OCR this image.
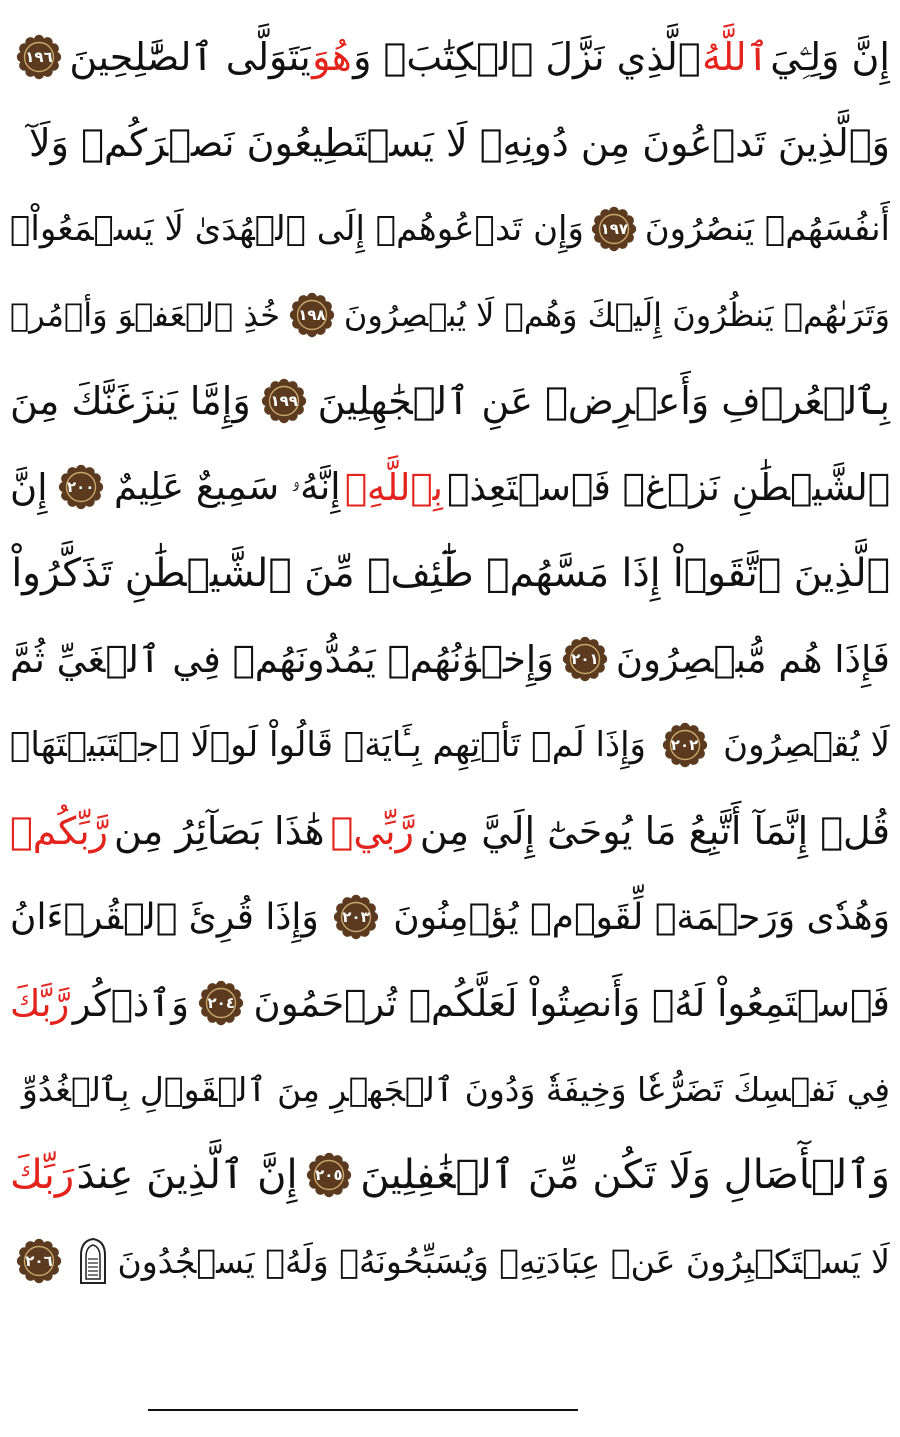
إِنَّ وَلِـِّۧيَ
ٱللَّهُ
ٱلَّذِي نَزَّلَ ٱلۡكِتَٰبَۖ وَ
هُوَ
يَتَوَلَّى ٱلصَّٰلِحِينَ
١٩٦
وَٱلَّذِينَ تَدۡعُونَ مِن دُونِهِۦ لَا يَسۡتَطِيعُونَ نَصۡرَكُمۡ وَلَآ
أَنفُسَهُمۡ يَنصُرُونَ
١٩٧
وَإِن تَدۡعُوهُمۡ إِلَى ٱلۡهُدَىٰ لَا يَسۡمَعُواْۖ
وَتَرَىٰهُمۡ يَنظُرُونَ إِلَيۡكَ وَهُمۡ لَا يُبۡصِرُونَ
١٩٨
خُذِ ٱلۡعَفۡوَ وَأۡمُرۡ
بِٱلۡعُرۡفِ وَأَعۡرِضۡ عَنِ ٱلۡجَٰهِلِينَ
١٩٩
وَإِمَّا يَنزَغَنَّكَ مِنَ
ٱلشَّيۡطَٰنِ نَزۡغٞ فَٱسۡتَعِذۡ
بِٱللَّهِۚ
إِنَّهُۥ سَمِيعٌ عَلِيمٌ
٢٠٠
إِنَّ
ٱلَّذِينَ ٱتَّقَوۡاْ إِذَا مَسَّهُمۡ طَٰٓئِفٞ مِّنَ ٱلشَّيۡطَٰنِ تَذَكَّرُواْ
فَإِذَا هُم مُّبۡصِرُونَ
٢٠١
وَإِخۡوَٰنُهُمۡ يَمُدُّونَهُمۡ فِي ٱلۡغَيِّ ثُمَّ
لَا يُقۡصِرُونَ
٢٠٢
وَإِذَا لَمۡ تَأۡتِهِم بِـَٔايَةٖ قَالُواْ لَوۡلَا ٱجۡتَبَيۡتَهَاۚ
قُلۡ إِنَّمَآ أَتَّبِعُ مَا يُوحَىٰٓ إِلَيَّ مِن
رَّبِّيۚ
هَٰذَا بَصَآئِرُ مِن
رَّبِّكُمۡ
وَهُدٗى وَرَحۡمَةٞ لِّقَوۡمٖ يُؤۡمِنُونَ
٢٠٣
وَإِذَا قُرِئَ ٱلۡقُرۡءَانُ
فَٱسۡتَمِعُواْ لَهُۥ وَأَنصِتُواْ لَعَلَّكُمۡ تُرۡحَمُونَ
٢٠٤
وَٱذۡكُر
رَّبَّكَ
فِي نَفۡسِكَ تَضَرُّعٗا وَخِيفَةٗ وَدُونَ ٱلۡجَهۡرِ مِنَ ٱلۡقَوۡلِ بِٱلۡغُدُوِّ
وَٱلۡأٓصَالِ وَلَا تَكُن مِّنَ ٱلۡغَٰفِلِينَ
٢٠٥
إِنَّ ٱلَّذِينَ عِندَ
رَبِّكَ
لَا يَسۡتَكۡبِرُونَ عَنۡ عِبَادَتِهِۦ وَيُسَبِّحُونَهُۥ وَلَهُۥ يَسۡجُدُونَ
٢٠٦
